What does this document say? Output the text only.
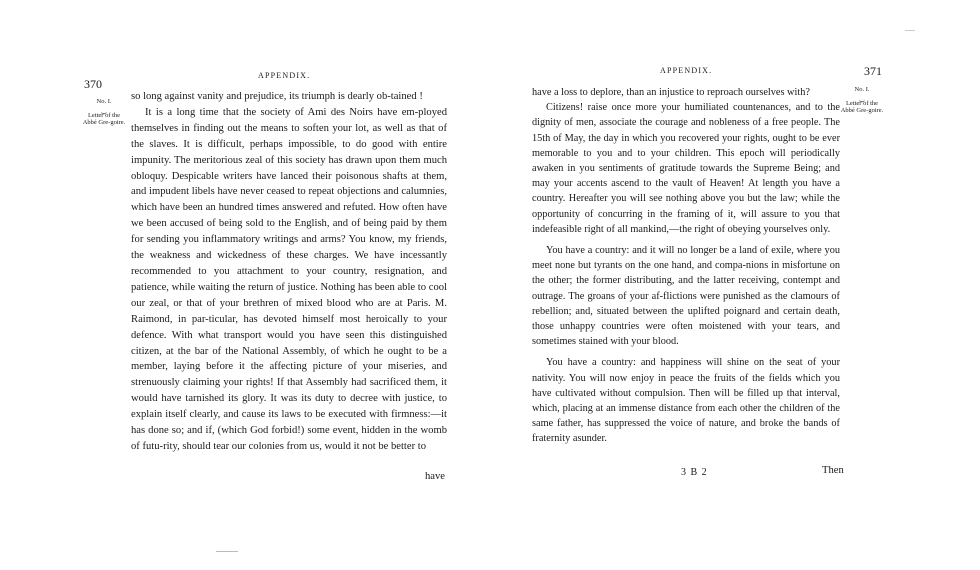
370
APPENDIX.
No. I.
⏟
Letter of the Abbé Gre-goire.

so long against vanity and prejudice, its triumph is dearly ob-tained !

It is a long time that the society of Ami des Noirs have em-ployed themselves in finding out the means to soften your lot, as well as that of the slaves. It is difficult, perhaps impossible, to do good with entire impunity. The meritorious zeal of this society has drawn upon them much obloquy. Despicable writers have lanced their poisonous shafts at them, and impudent libels have never ceased to repeat objections and calumnies, which have been an hundred times answered and refuted. How often have we been accused of being sold to the English, and of being paid by them for sending you inflammatory writings and arms? You know, my friends, the weakness and wickedness of these charges. We have incessantly recommended to you attachment to your country, resignation, and patience, while waiting the return of justice. Nothing has been able to cool our zeal, or that of your brethren of mixed blood who are at Paris. M. Raimond, in par-ticular, has devoted himself most heroically to your defence. With what transport would you have seen this distinguished citizen, at the bar of the National Assembly, of which he ought to be a member, laying before it the affecting picture of your miseries, and strenuously claiming your rights! If that Assembly had sacrificed them, it would have tarnished its glory. It was its duty to decree with justice, to explain itself clearly, and cause its laws to be executed with firmness:—it has done so; and if, (which God forbid!) some event, hidden in the womb of futu-rity, should tear our colonies from us, would it not be better to

have
371
APPENDIX.
No. I.
⏟
Letter of the Abbé Gre-goire.

have a loss to deplore, than an injustice to reproach ourselves with?

Citizens! raise once more your humiliated countenances, and to the dignity of men, associate the courage and nobleness of a free people. The 15th of May, the day in which you recovered your rights, ought to be ever memorable to you and to your children. This epoch will periodically awaken in you sentiments of gratitude towards the Supreme Being; and may your accents ascend to the vault of Heaven! At length you have a country. Hereafter you will see nothing above you but the law; while the opportunity of concurring in the framing of it, will assure to you that indefeasible right of all mankind,—the right of obeying yourselves only.

You have a country: and it will no longer be a land of exile, where you meet none but tyrants on the one hand, and compa-nions in misfortune on the other; the former distributing, and the latter receiving, contempt and outrage. The groans of your af-flictions were punished as the clamours of rebellion; and, situated between the uplifted poignard and certain death, those unhappy countries were often moistened with your tears, and sometimes stained with your blood.

You have a country: and happiness will shine on the seat of your nativity. You will now enjoy in peace the fruits of the fields which you have cultivated without compulsion. Then will be filled up that interval, which, placing at an immense distance from each other the children of the same father, has suppressed the voice of nature, and broke the bands of fraternity asunder.

3 B 2	Then
